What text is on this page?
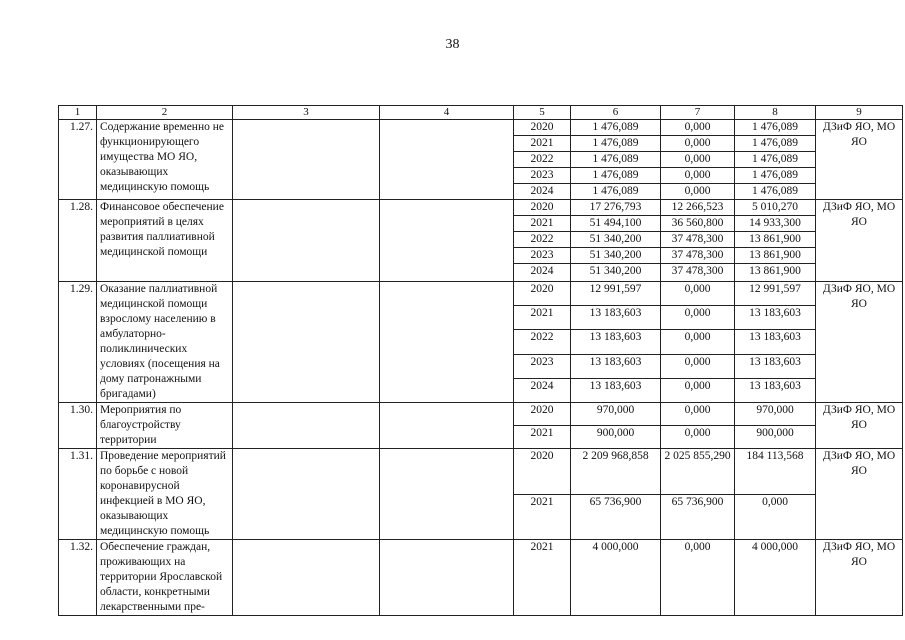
38
1	2	3	4	5	6	7	8	9
1.27.	Содержание временно не функционирующего имущества МО ЯО, оказывающих медицинскую помощь			2020	1 476,089	0,000	1 476,089	ДЗиФ ЯО, МО ЯО
				2021	1 476,089	0,000	1 476,089	
				2022	1 476,089	0,000	1 476,089	
				2023	1 476,089	0,000	1 476,089	
				2024	1 476,089	0,000	1 476,089	
1.28.	Финансовое обеспечение мероприятий в целях развития паллиативной медицинской помощи			2020	17 276,793	12 266,523	5 010,270	ДЗиФ ЯО, МО ЯО
				2021	51 494,100	36 560,800	14 933,300	
				2022	51 340,200	37 478,300	13 861,900	
				2023	51 340,200	37 478,300	13 861,900	
				2024	51 340,200	37 478,300	13 861,900	
1.29.	Оказание паллиативной медицинской помощи взрослому населению в амбулаторно-поликлинических условиях (посещения на дому патронажными бригадами)			2020	12 991,597	0,000	12 991,597	ДЗиФ ЯО, МО ЯО
				2021	13 183,603	0,000	13 183,603	
				2022	13 183,603	0,000	13 183,603	
				2023	13 183,603	0,000	13 183,603	
				2024	13 183,603	0,000	13 183,603	
1.30.	Мероприятия по благоустройству территории			2020	970,000	0,000	970,000	ДЗиФ ЯО, МО ЯО
				2021	900,000	0,000	900,000	
1.31.	Проведение мероприятий по борьбе с новой коронавирусной инфекцией в МО ЯО, оказывающих медицинскую помощь			2020	2 209 968,858	2 025 855,290	184 113,568	ДЗиФ ЯО, МО ЯО
				2021	65 736,900	65 736,900	0,000	
1.32.	Обеспечение граждан, проживающих на территории Ярославской области, конкретными лекарственными пре-			2021	4 000,000	0,000	4 000,000	ДЗиФ ЯО, МО ЯО
